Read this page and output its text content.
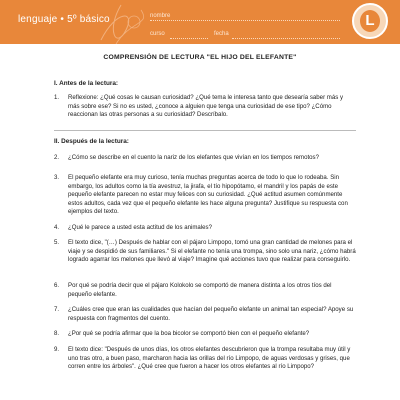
lenguaje • 5º básico	nombre
curso	fecha
L
COMPRENSIÓN DE LECTURA "EL HIJO DEL ELEFANTE"
I. Antes de la lectura:
1.	Reflexione: ¿Qué cosas le causan curiosidad? ¿Qué tema le interesa tanto que desearía saber más y más sobre ese? Si no es usted, ¿conoce a alguien que tenga una curiosidad de ese tipo? ¿Cómo reaccionan las otras personas a su curiosidad? Descríbalo.
II. Después de la lectura:
2.	¿Cómo se describe en el cuento la nariz de los elefantes que vivían en los tiempos remotos?
3.	El pequeño elefante era muy curioso, tenía muchas preguntas acerca de todo lo que lo rodeaba. Sin embargo, los adultos como la tía avestruz, la jirafa, el tío hipopótamo, el mandril y los papás de este pequeño elefante parecen no estar muy felices con su curiosidad. ¿Qué actitud asumen comúnmente estos adultos, cada vez que el pequeño elefante les hace alguna pregunta? Justifique su respuesta con ejemplos del texto.
4.	¿Qué le parece a usted esta actitud de los animales?
5.	El texto dice, "(…) Después de hablar con el pájaro Limpopo, tomó una gran cantidad de melones para el viaje y se despidió de sus familiares." Si el elefante no tenía una trompa, sino solo una nariz, ¿cómo habrá logrado agarrar los melones que llevó al viaje? Imagine qué acciones tuvo que realizar para conseguirlo.
6.	Por qué se podría decir que el pájaro Kolokolo se comportó de manera distinta a los otros tíos del pequeño elefante.
7.	¿Cuáles cree que eran las cualidades que hacían del pequeño elefante un animal tan especial? Apoye su respuesta con fragmentos del cuento.
8.	¿Por qué se podría afirmar que la boa bicolor se comportó bien con el pequeño elefante?
9.	El texto dice: "Después de unos días, los otros elefantes descubrieron que la trompa resultaba muy útil y uno tras otro, a buen paso, marcharon hacia las orillas del río Limpopo, de aguas verdosas y grises, que corren entre los árboles". ¿Qué cree que fueron a hacer los otros elefantes al río Limpopo?
